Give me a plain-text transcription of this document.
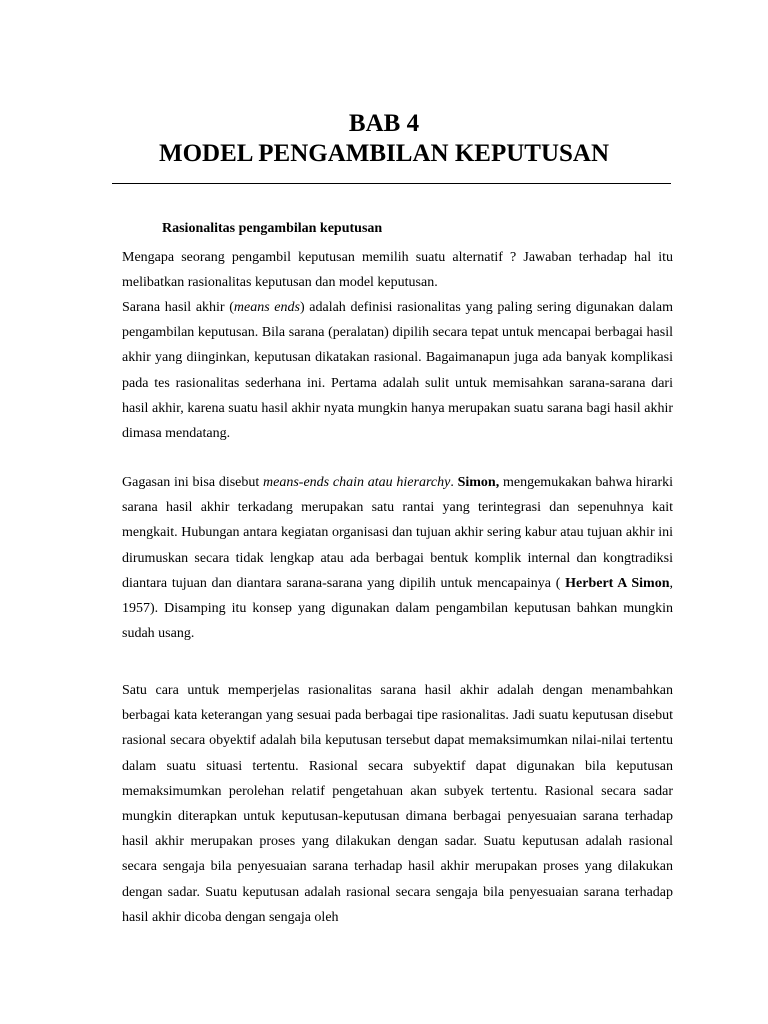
BAB 4
MODEL PENGAMBILAN KEPUTUSAN
Rasionalitas pengambilan keputusan

Mengapa seorang pengambil keputusan memilih suatu alternatif ? Jawaban terhadap hal itu melibatkan rasionalitas keputusan dan model keputusan.

Sarana hasil akhir (means ends) adalah definisi rasionalitas yang paling sering digunakan dalam pengambilan keputusan. Bila sarana (peralatan) dipilih secara tepat untuk mencapai berbagai hasil akhir yang diinginkan, keputusan dikatakan rasional. Bagaimanapun juga ada banyak komplikasi pada tes rasionalitas sederhana ini. Pertama adalah sulit untuk memisahkan sarana-sarana dari hasil akhir, karena suatu hasil akhir nyata mungkin hanya merupakan suatu sarana bagi hasil akhir dimasa mendatang.

Gagasan ini bisa disebut means-ends chain atau hierarchy. Simon, mengemukakan bahwa hirarki sarana hasil akhir terkadang merupakan satu rantai yang terintegrasi dan sepenuhnya kait mengkait. Hubungan antara kegiatan organisasi dan tujuan akhir sering kabur atau tujuan akhir ini dirumuskan secara tidak lengkap atau ada berbagai bentuk komplik internal dan kongtradiksi diantara tujuan dan diantara sarana-sarana yang dipilih untuk mencapainya ( Herbert A Simon, 1957). Disamping itu konsep yang digunakan dalam pengambilan keputusan bahkan mungkin sudah usang.

Satu cara untuk memperjelas rasionalitas sarana hasil akhir adalah dengan menambahkan berbagai kata keterangan yang sesuai pada berbagai tipe rasionalitas. Jadi suatu keputusan disebut rasional secara obyektif adalah bila keputusan tersebut dapat memaksimumkan nilai-nilai tertentu dalam suatu situasi tertentu. Rasional secara subyektif dapat digunakan bila keputusan memaksimumkan perolehan relatif pengetahuan akan subyek tertentu. Rasional secara sadar mungkin diterapkan untuk keputusan-keputusan dimana berbagai penyesuaian sarana terhadap hasil akhir merupakan proses yang dilakukan dengan sadar. Suatu keputusan adalah rasional secara sengaja bila penyesuaian sarana terhadap hasil akhir merupakan proses yang dilakukan dengan sadar. Suatu keputusan adalah rasional secara sengaja bila penyesuaian sarana terhadap hasil akhir dicoba dengan sengaja oleh
